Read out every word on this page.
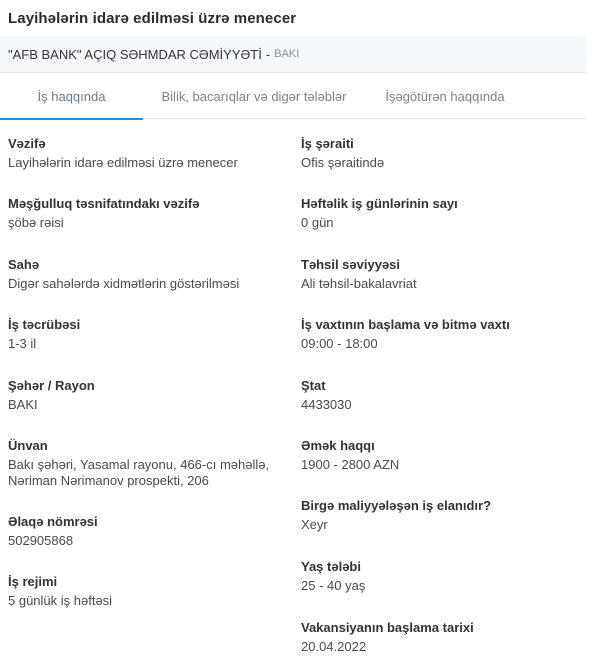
Layihələrin idarə edilməsi üzrə menecer
"AFB BANK" AÇIQ SƏHMDAR CƏMİYYƏTİ - BAKI
İş haqqında	Bilik, bacarıqlar və digər tələblər	İşəgötürən haqqında
Vəzifə
Layihələrin idarə edilməsi üzrə menecer
Məşğulluq təsnifatındakı vəzifə
şöbə rəisi
Sahə
Digər sahələrdə xidmətlərin göstərilməsi
İş təcrübəsi
1-3 il
Şəhər / Rayon
BAKI
Ünvan
Bakı şəhəri, Yasamal rayonu, 466-cı məhəllə, Nəriman Nərimanov prospekti, 206
Əlaqə nömrəsi
502905868
İş rejimi
5 günlük iş həftəsi
İş şəraiti
Ofis şəraitində
Həftəlik iş günlərinin sayı
0 gün
Təhsil səviyyəsi
Ali təhsil-bakalavriat
İş vaxtının başlama və bitmə vaxtı
09:00 - 18:00
Ştat
4433030
Əmək haqqı
1900 - 2800 AZN
Birgə maliyyələşən iş elanıdır?
Xeyr
Yaş tələbi
25 - 40 yaş
Vakansiyanın başlama tarixi
20.04.2022
